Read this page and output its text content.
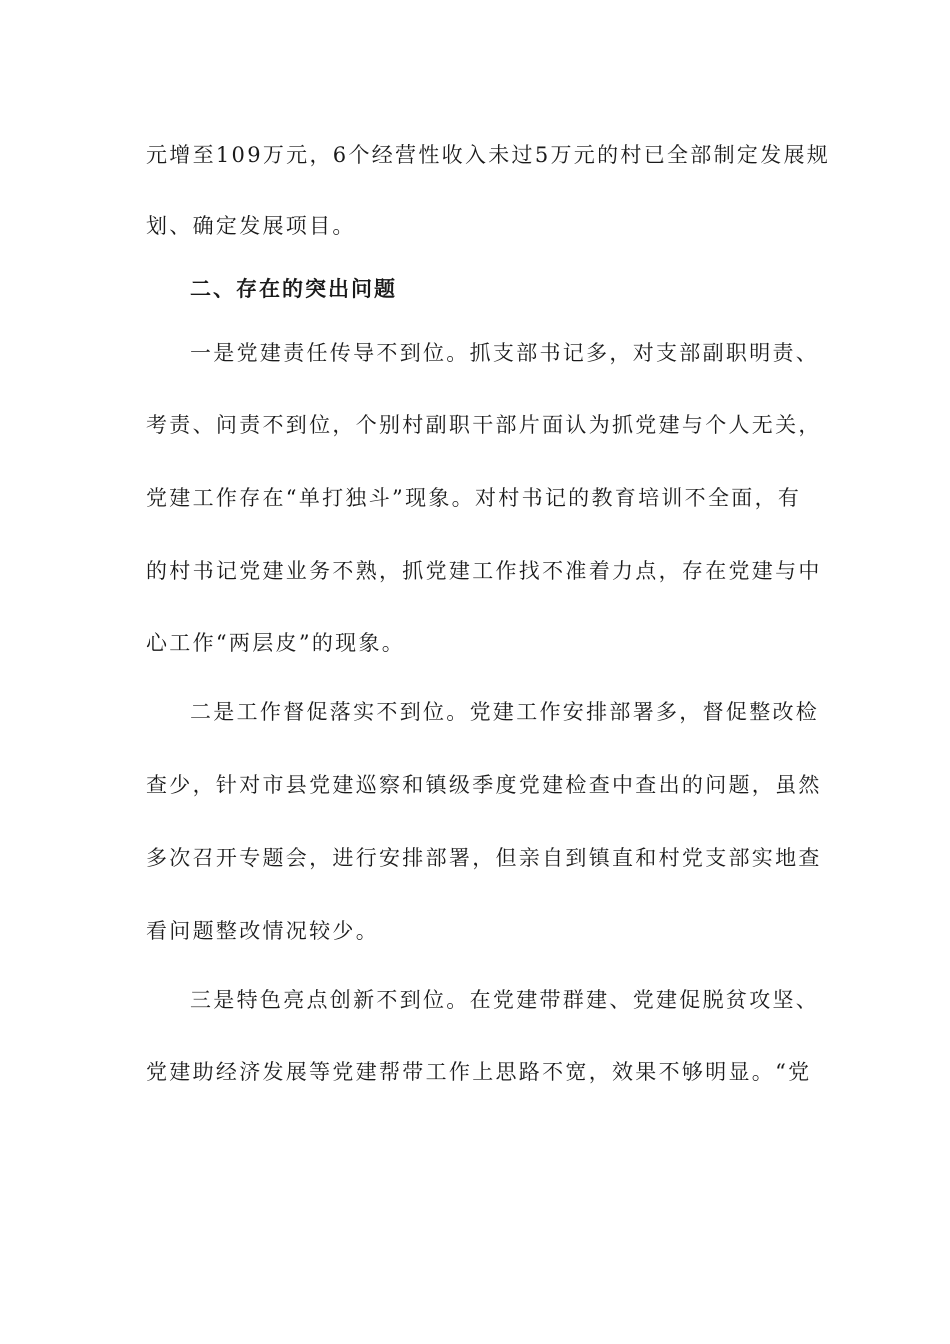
元增至109万元，6个经营性收入未过5万元的村已全部制定发展规
划、确定发展项目。
二、存在的突出问题
一是党建责任传导不到位。抓支部书记多，对支部副职明责、
考责、问责不到位，个别村副职干部片面认为抓党建与个人无关，
党建工作存在“单打独斗”现象。对村书记的教育培训不全面，有
的村书记党建业务不熟，抓党建工作找不准着力点，存在党建与中
心工作“两层皮”的现象。
二是工作督促落实不到位。党建工作安排部署多，督促整改检
查少，针对市县党建巡察和镇级季度党建检查中查出的问题，虽然
多次召开专题会，进行安排部署，但亲自到镇直和村党支部实地查
看问题整改情况较少。
三是特色亮点创新不到位。在党建带群建、党建促脱贫攻坚、
党建助经济发展等党建帮带工作上思路不宽，效果不够明显。“党
